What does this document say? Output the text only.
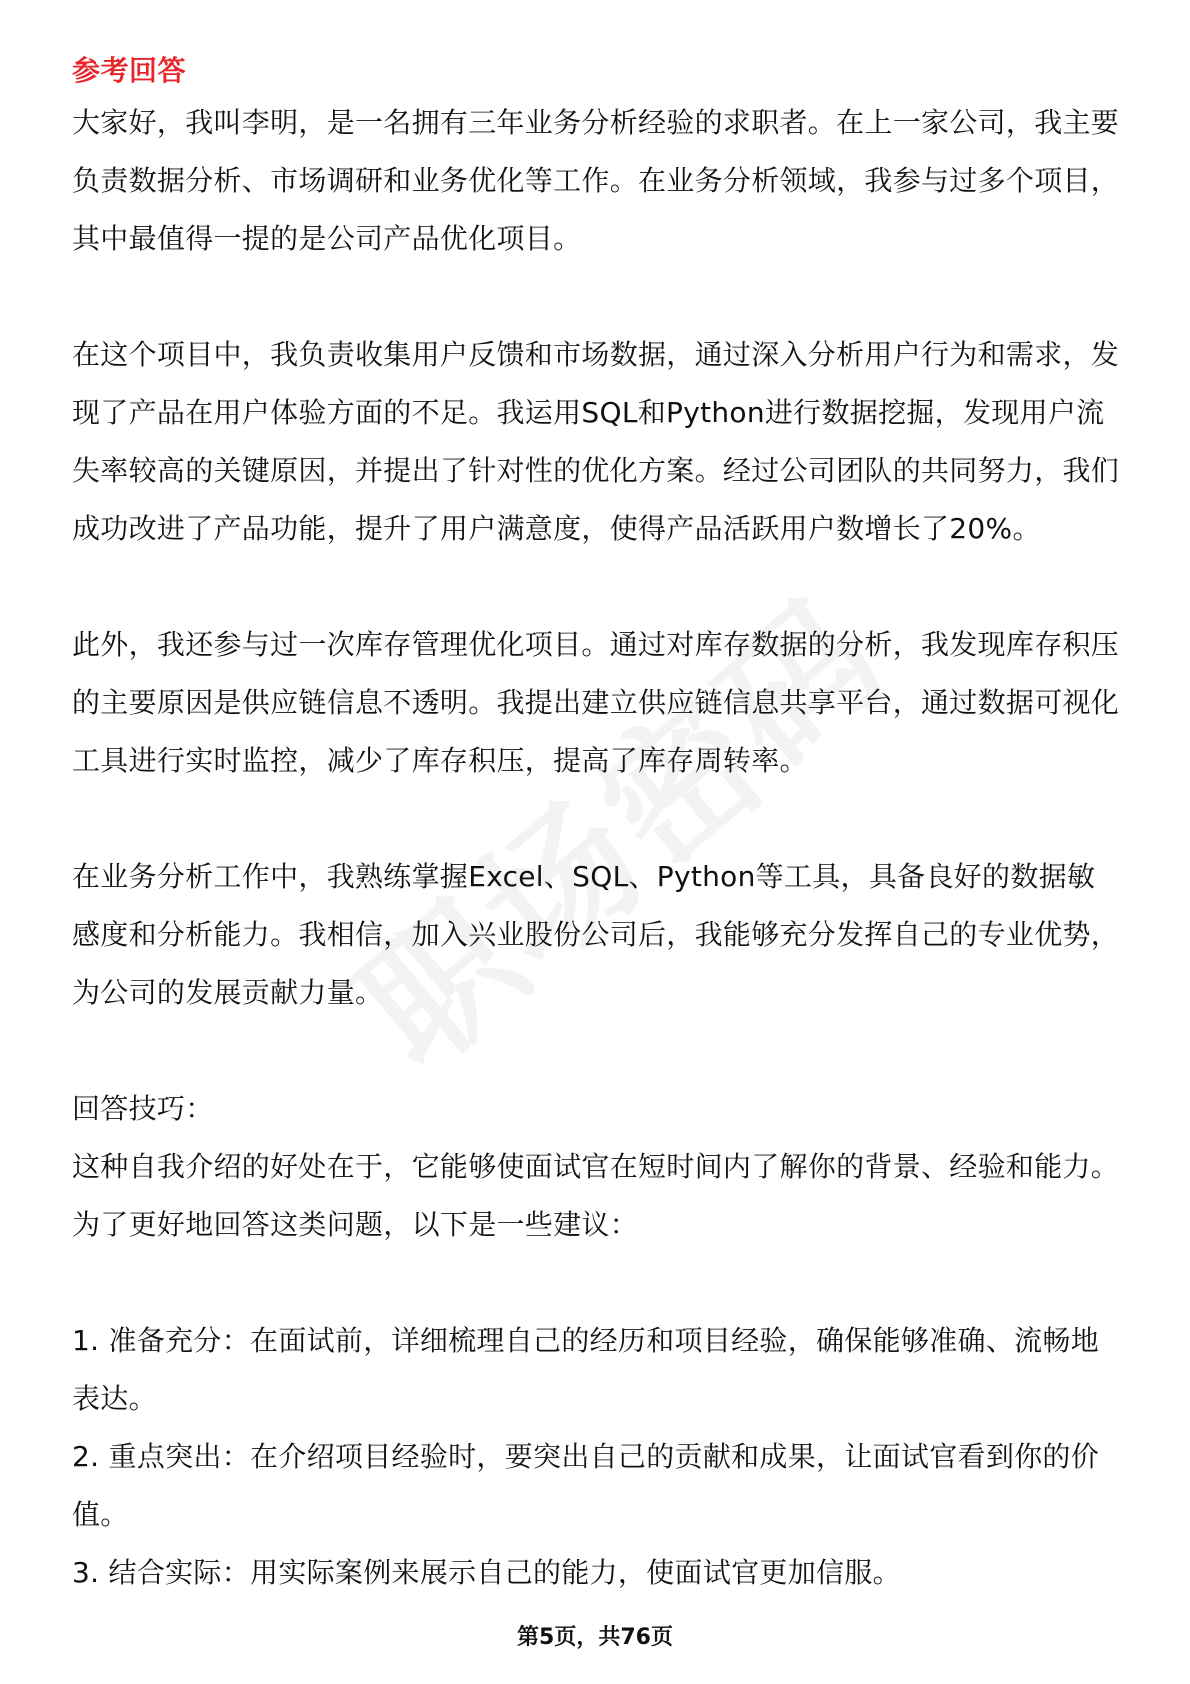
参考回答

大家好，我叫李明，是一名拥有三年业务分析经验的求职者。在上一家公司，我主要负责数据分析、市场调研和业务优化等工作。在业务分析领域，我参与过多个项目，其中最值得一提的是公司产品优化项目。

在这个项目中，我负责收集用户反馈和市场数据，通过深入分析用户行为和需求，发现了产品在用户体验方面的不足。我运用SQL和Python进行数据挖掘，发现用户流失率较高的关键原因，并提出了针对性的优化方案。经过公司团队的共同努力，我们成功改进了产品功能，提升了用户满意度，使得产品活跃用户数增长了20%。

此外，我还参与过一次库存管理优化项目。通过对库存数据的分析，我发现库存积压的主要原因是供应链信息不透明。我提出建立供应链信息共享平台，通过数据可视化工具进行实时监控，减少了库存积压，提高了库存周转率。

在业务分析工作中，我熟练掌握Excel、SQL、Python等工具，具备良好的数据敏感度和分析能力。我相信，加入兴业股份公司后，我能够充分发挥自己的专业优势，为公司的发展贡献力量。

回答技巧：

这种自我介绍的好处在于，它能够使面试官在短时间内了解你的背景、经验和能力。为了更好地回答这类问题，以下是一些建议：

1. 准备充分：在面试前，详细梳理自己的经历和项目经验，确保能够准确、流畅地表达。

2. 重点突出：在介绍项目经验时，要突出自己的贡献和成果，让面试官看到你的价值。

3. 结合实际：用实际案例来展示自己的能力，使面试官更加信服。

第5页，共76页
